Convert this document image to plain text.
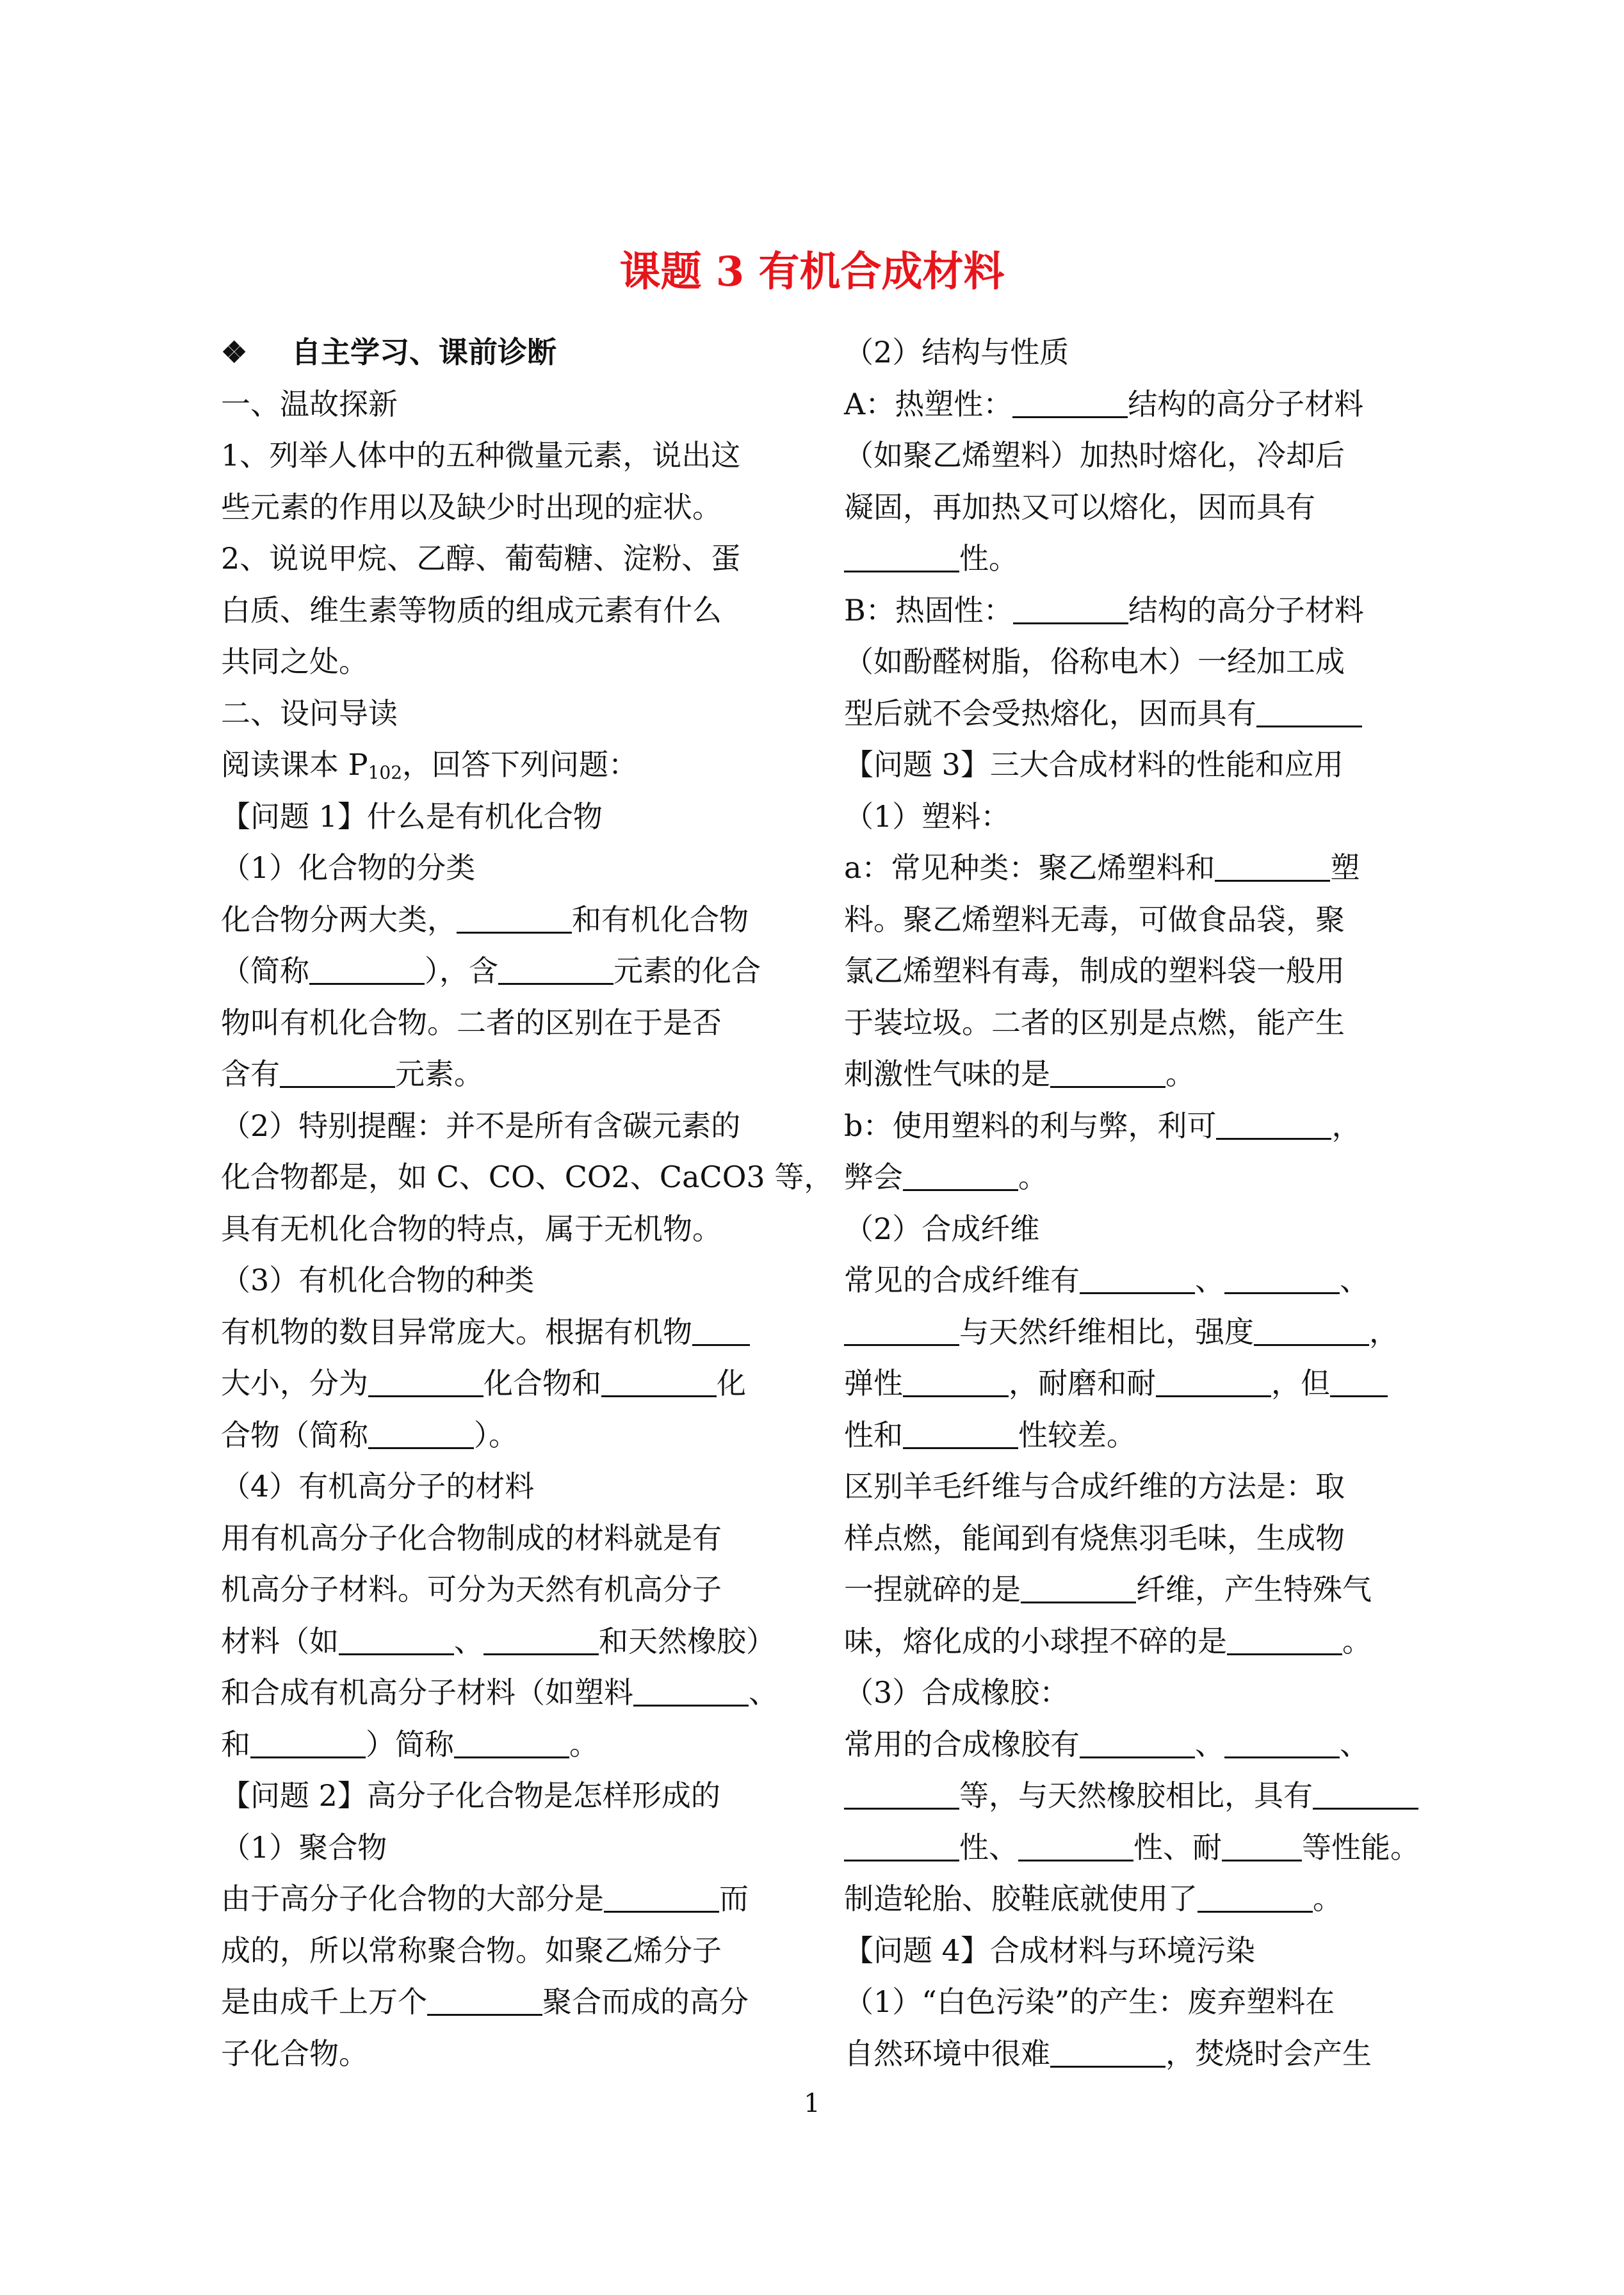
课题 3 有机合成材料
❖ 自主学习、课前诊断
一、温故探新
1、列举人体中的五种微量元素，说出这
些元素的作用以及缺少时出现的症状。
2、说说甲烷、乙醇、葡萄糖、淀粉、蛋
白质、维生素等物质的组成元素有什么
共同之处。
二、设问导读
阅读课本 $P_{102}$，回答下列问题：
【问题 1】什么是有机化合物
（1）化合物的分类
化合物分两大类，	和有机化合物
（简称	），含	元素的化合
物叫有机化合物。二者的区别在于是否
含有	元素。
（2）特别提醒：并不是所有含碳元素的
化合物都是，如 C、CO、CO2、CaCO3 等，
具有无机化合物的特点，属于无机物。
（3）有机化合物的种类
有机物的数目异常庞大。根据有机物
大小，分为	化合物和	化
合物（简称	）。
（4）有机高分子的材料
用有机高分子化合物制成的材料就是有
机高分子材料。可分为天然有机高分子
材料（如	、	和天然橡胶）
和合成有机高分子材料（如塑料	、
和	）简称	。
【问题 2】高分子化合物是怎样形成的
（1）聚合物
由于高分子化合物的大部分是	而
成的，所以常称聚合物。如聚乙烯分子
是由成千上万个	聚合而成的高分
子化合物。
（2）结构与性质
A：热塑性：	结构的高分子材料
（如聚乙烯塑料）加热时熔化，冷却后
凝固，再加热又可以熔化，因而具有
性。
B：热固性：	结构的高分子材料
（如酚醛树脂，俗称电木）一经加工成
型后就不会受热熔化，因而具有
【问题 3】三大合成材料的性能和应用
（1）塑料：
a：常见种类：聚乙烯塑料和	塑
料。聚乙烯塑料无毒，可做食品袋，聚
氯乙烯塑料有毒，制成的塑料袋一般用
于装垃圾。二者的区别是点燃，能产生
刺激性气味的是	。
b：使用塑料的利与弊，利可	，
弊会	。
（2）合成纤维
常见的合成纤维有	、	、
与天然纤维相比，强度	，
弹性	，耐磨和耐	，但
性和	性较差。
区别羊毛纤维与合成纤维的方法是：取
样点燃，能闻到有烧焦羽毛味，生成物
一捏就碎的是	纤维，产生特殊气
味，熔化成的小球捏不碎的是	。
（3）合成橡胶：
常用的合成橡胶有	、	、
等，与天然橡胶相比，具有
性、	性、耐	等性能。
制造轮胎、胶鞋底就使用了	。
【问题 4】合成材料与环境污染
（1）“白色污染”的产生：废弃塑料在
自然环境中很难	，焚烧时会产生
1
